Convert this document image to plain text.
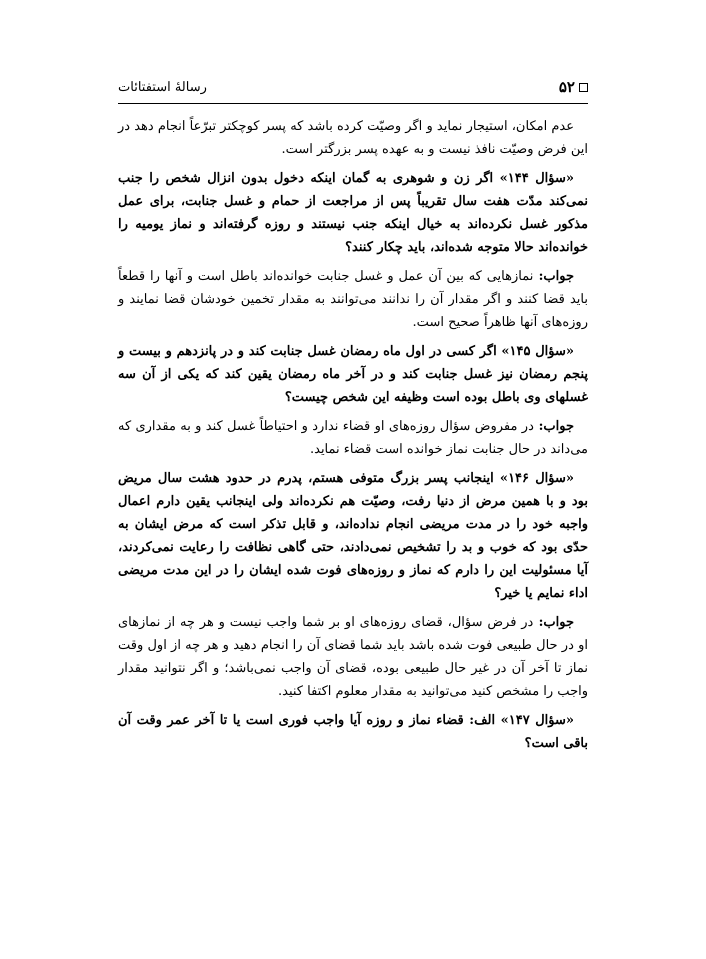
۵۲
رسالۀ استفتائات

عدم امکان، استیجار نماید و اگر وصیّت کرده باشد که پسر کوچکتر تبرّعاً انجام دهد در این فرض وصیّت نافذ نیست و به عهده پسر بزرگتر است.

«سؤال ۱۴۴» اگر زن و شوهری به گمان اینکه دخول بدون انزال شخص را جنب نمی‌کند مدّت هفت سال تقریباً پس از مراجعت از حمام و غسل جنابت، برای عمل مذکور غسل نکرده‌اند به خیال اینکه جنب نیستند و روزه گرفته‌اند و نماز یومیه را خوانده‌اند حالا متوجه شده‌اند، باید چکار کنند؟

جواب: نمازهایی که بین آن عمل و غسل جنابت خوانده‌اند باطل است و آنها را قطعاً باید قضا کنند و اگر مقدار آن را ندانند می‌توانند به مقدار تخمین خودشان قضا نمایند و روزه‌های آنها ظاهراً صحیح است.

«سؤال ۱۴۵» اگر کسی در اول ماه رمضان غسل جنابت کند و در پانزدهم و بیست و پنجم رمضان نیز غسل جنابت کند و در آخر ماه رمضان یقین کند که یکی از آن سه غسلهای وی باطل بوده است وظیفه این شخص چیست؟

جواب: در مفروض سؤال روزه‌های او قضاء ندارد و احتیاطاً غسل کند و به مقداری که می‌داند در حال جنابت نماز خوانده است قضاء نماید.

«سؤال ۱۴۶» اینجانب پسر بزرگ متوفی هستم، پدرم در حدود هشت سال مریض بود و با همین مرض از دنیا رفت، وصیّت هم نکرده‌اند ولی اینجانب یقین دارم اعمال واجبه خود را در مدت مریضی انجام نداده‌اند، و قابل تذکر است که مرض ایشان به حدّی بود که خوب و بد را تشخیص نمی‌دادند، حتی گاهی نظافت را رعایت نمی‌کردند، آیا مسئولیت این را دارم که نماز و روزه‌های فوت شده ایشان را در این مدت مریضی اداء نمایم یا خیر؟

جواب: در فرض سؤال، قضای روزه‌های او بر شما واجب نیست و هر چه از نمازهای او در حال طبیعی فوت شده باشد باید شما قضای آن را انجام دهید و هر چه از اول وقت نماز تا آخر آن در غیر حال طبیعی بوده، قضای آن واجب نمی‌باشد؛ و اگر نتوانید مقدار واجب را مشخص کنید می‌توانید به مقدار معلوم اکتفا کنید.

«سؤال ۱۴۷» الف: قضاء نماز و روزه آیا واجب فوری است یا تا آخر عمر وقت آن باقی است؟
